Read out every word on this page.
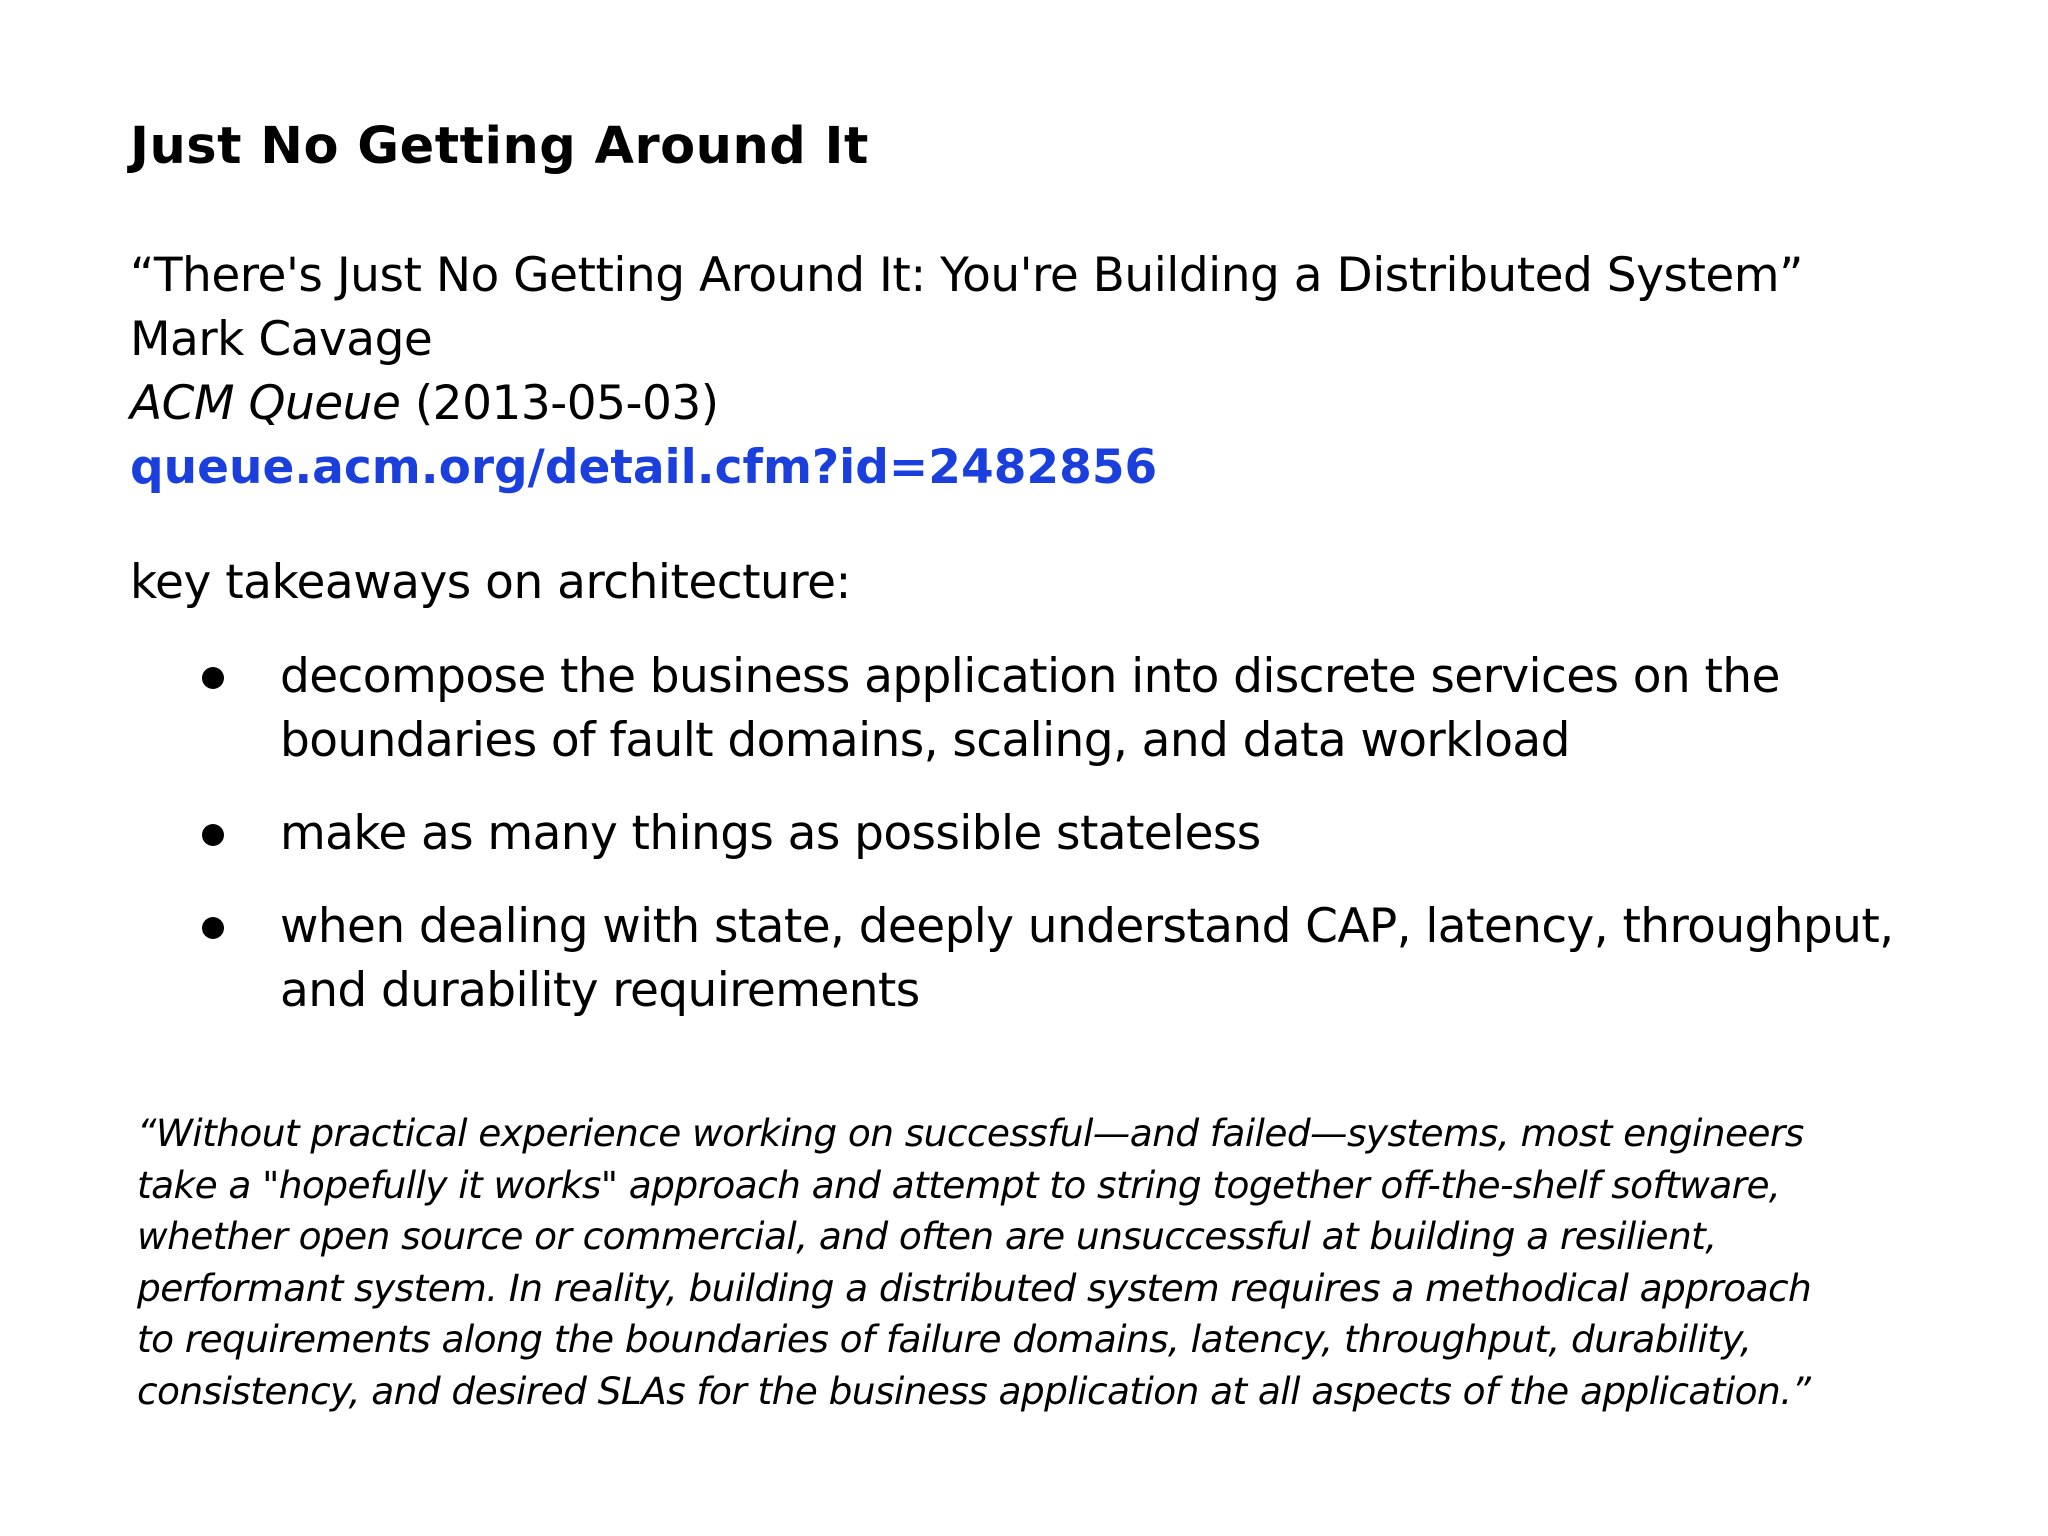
Just No Getting Around It
“There's Just No Getting Around It: You're Building a Distributed System”
Mark Cavage
ACM Queue (2013-05-03)
queue.acm.org/detail.cfm?id=2482856
key takeaways on architecture:
decompose the business application into discrete services on the
boundaries of fault domains, scaling, and data workload
make as many things as possible stateless
when dealing with state, deeply understand CAP, latency, throughput,
and durability requirements
“Without practical experience working on successful—and failed—systems, most engineers
take a "hopefully it works" approach and attempt to string together off-the-shelf software,
whether open source or commercial, and often are unsuccessful at building a resilient,
performant system. In reality, building a distributed system requires a methodical approach
to requirements along the boundaries of failure domains, latency, throughput, durability,
consistency, and desired SLAs for the business application at all aspects of the application.”
